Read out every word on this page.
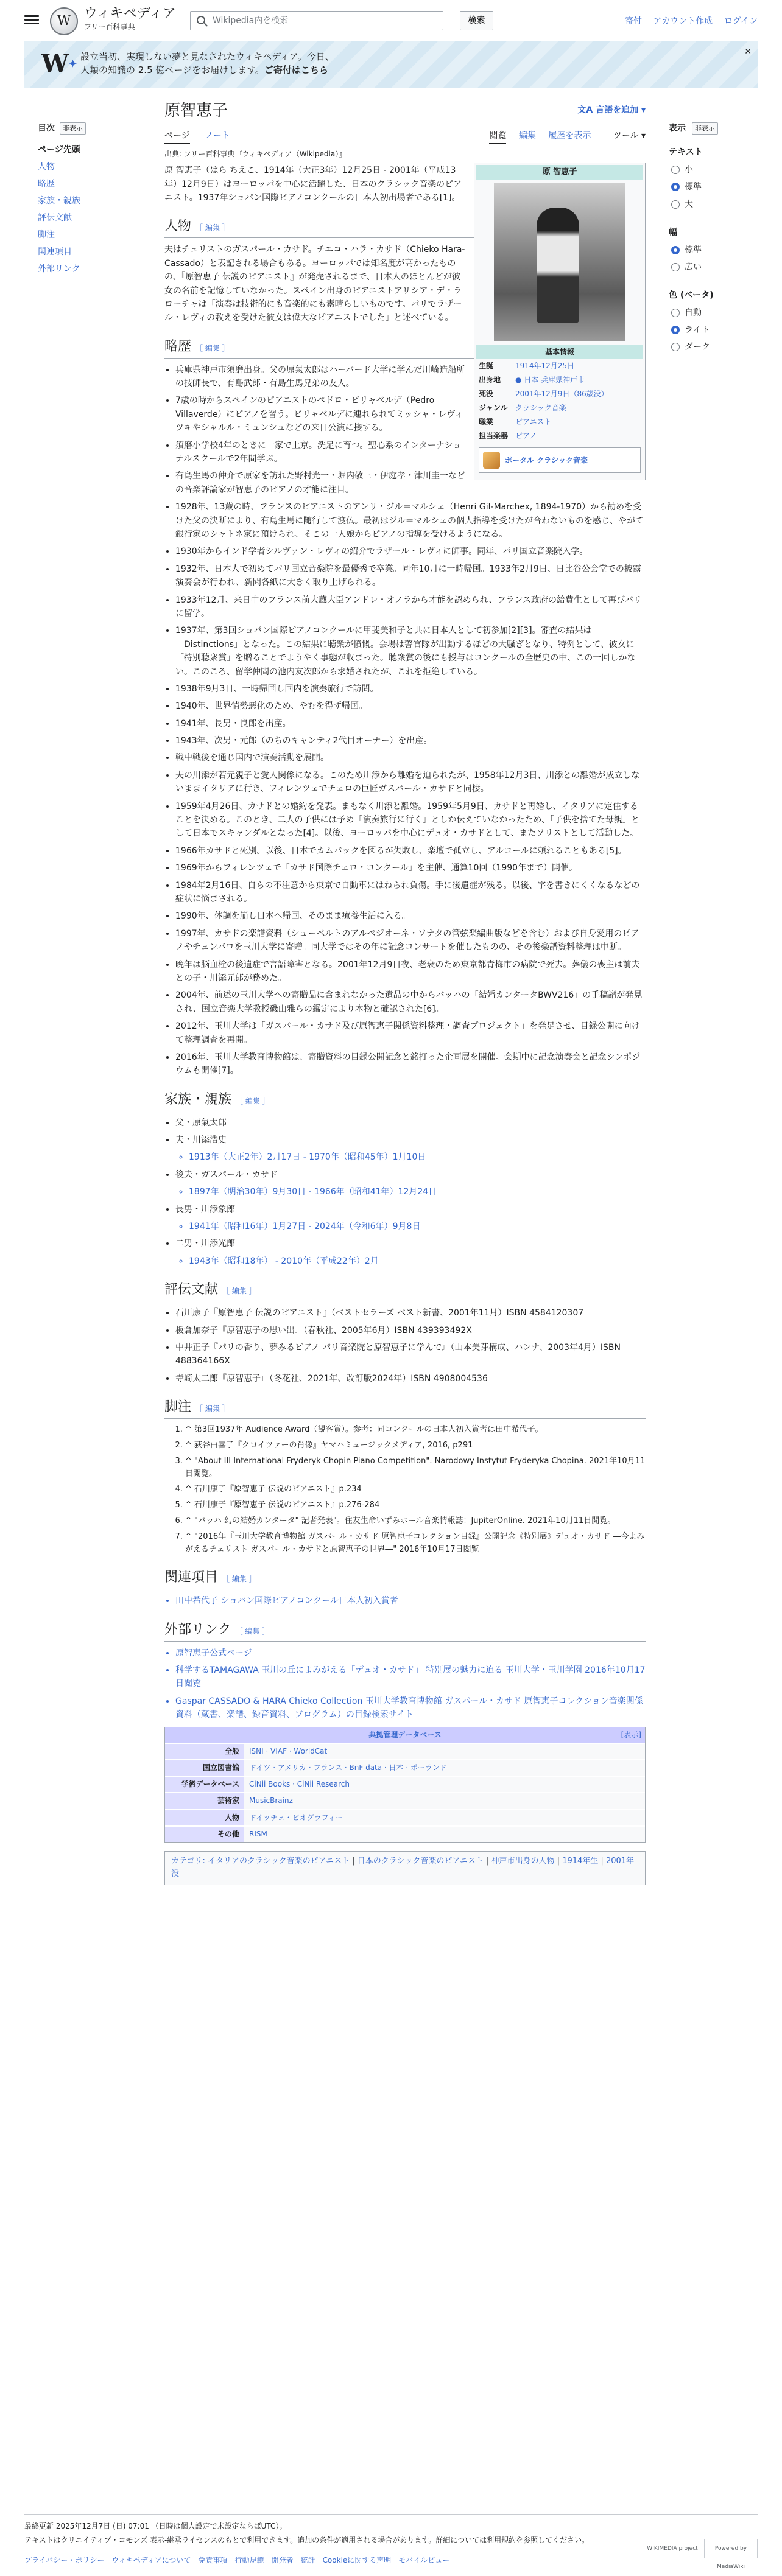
W ウィキペディア
フリー百科事典
Wikipedia内を検索	検索	寄付 アカウント作成 ログイン
W✦
設立当初、実現しない夢と見なされたウィキペディア。今日、
人類の知識の 2.5 億ページをお届けします。ご寄付はこちら
✕
目次	非表示
ページ先頭
人物
略歴
家族・親族
評伝文献
脚注
関連項目
外部リンク
表示	非表示
テキスト
小
標準
大
幅
標準
広い
色 (ベータ)
自動
ライト
ダーク
原智恵子	文A 言語を追加 ▾
ページ ノート	閲覧 編集 履歴を表示	ツール ▾
出典: フリー百科事典『ウィキペディア（Wikipedia）』
原 智恵子
基本情報
生誕	1914年12月25日
出身地	● 日本 兵庫県神戸市
死没	2001年12月9日（86歳没）
ジャンル	クラシック音楽
職業	ピアニスト
担当楽器 ピアノ
ポータル クラシック音楽

原 智恵子（はら ちえこ、1914年（大正3年）12月25日 - 2001年（平成13年）12月9日）はヨーロッパを中心に活躍した、日本のクラシック音楽のピアニスト。1937年ショパン国際ピアノコンクールの日本人初出場者である[1]。

人物 ［ 編集 ］

夫はチェリストのガスパール・カサド。チエコ・ハラ・カサド（Chieko Hara-Cassado）と表記される場合もある。ヨーロッパでは知名度が高かったものの、『原智恵子 伝説のピアニスト』が発売されるまで、日本人のほとんどが彼女の名前を記憶していなかった。スペイン出身のピアニストアリシア・デ・ラローチャは「演奏は技術的にも音楽的にも素晴らしいものです。パリでラザール・レヴィの教えを受けた彼女は偉大なピアニストでした」と述べている。

略歴 ［ 編集 ］
• 兵庫県神戸市須磨出身。父の原氣太郎はハーバード大学に学んだ川崎造船所の技師長で、有島武郎・有島生馬兄弟の友人。
• 7歳の時からスペインのピアニストのペドロ・ビリャベルデ（Pedro Villaverde）にピアノを習う。ビリャベルデに連れられてミッシャ・レヴィツキやシャルル・ミュンシュなどの来日公演に接する。
• 須磨小学校4年のときに一家で上京。洗足に育つ。聖心系のインターナショナルスクールで2年間学ぶ。
• 有島生馬の仲介で原家を訪れた野村光一・堀内敬三・伊庭孝・津川圭一などの音楽評論家が智恵子のピアノの才能に注目。
• 1928年、13歳の時、フランスのピアニストのアンリ・ジル＝マルシェ（Henri Gil-Marchex, 1894-1970）から勧めを受けた父の決断により、有島生馬に随行して渡仏。最初はジル＝マルシェの個人指導を受けたが合わないものを感じ、やがて銀行家のシャトネ家に預けられ、そこの一人娘からピアノの指導を受けるようになる。
• 1930年からインド学者シルヴァン・レヴィの紹介でラザール・レヴィに師事。同年、パリ国立音楽院入学。
• 1932年、日本人で初めてパリ国立音楽院を最優秀で卒業。同年10月に一時帰国。1933年2月9日、日比谷公会堂での披露演奏会が行われ、新聞各紙に大きく取り上げられる。
• 1933年12月、来日中のフランス前大蔵大臣アンドレ・オノラから才能を認められ、フランス政府の給費生として再びパリに留学。
• 1937年、第3回ショパン国際ピアノコンクールに甲斐美和子と共に日本人として初参加[2][3]。審査の結果は「Distinctions」となった。この結果に聴衆が憤慨。会場は警官隊が出動するほどの大騒ぎとなり、特例として、彼女に「特別聴衆賞」を贈ることでようやく事態が収まった。聴衆賞の後にも授与はコンクールの全歴史の中、この一回しかない。このころ、留学仲間の池内友次郎から求婚されたが、これを拒絶している。
• 1938年9月3日、一時帰国し国内を演奏旅行で訪問。
• 1940年、世界情勢悪化のため、やむを得ず帰国。
• 1941年、長男・良郎を出産。
• 1943年、次男・元郎（のちのキャンティ2代目オーナー）を出産。
• 戦中戦後を通じ国内で演奏活動を展開。
• 夫の川添が若元親子と愛人関係になる。このため川添から離婚を迫られたが、1958年12月3日、川添との離婚が成立しないままイタリアに行き、フィレンツェでチェロの巨匠ガスパール・カサドと同棲。
• 1959年4月26日、カサドとの婚約を発表。まもなく川添と離婚。1959年5月9日、カサドと再婚し、イタリアに定住することを決める。このとき、二人の子供には予め「演奏旅行に行く」としか伝えていなかったため、「子供を捨てた母親」として日本でスキャンダルとなった[4]。以後、ヨーロッパを中心にデュオ・カサドとして、またソリストとして活動した。
• 1966年カサドと死別。以後、日本でカムバックを図るが失敗し、楽壇で孤立し、アルコールに頼れることもある[5]。
• 1969年からフィレンツェで「カサド国際チェロ・コンクール」を主催、通算10回（1990年まで）開催。
• 1984年2月16日、自らの不注意から東京で自動車にはねられ負傷。手に後遺症が残る。以後、字を書きにくくなるなどの症状に悩まされる。
• 1990年、体調を崩し日本へ帰国、そのまま療養生活に入る。
• 1997年、カサドの楽譜資料（シューベルトのアルペジオーネ・ソナタの管弦楽編曲版などを含む）および自身愛用のピアノやチェンバロを玉川大学に寄贈。同大学ではその年に記念コンサートを催したものの、その後楽譜資料整理は中断。
• 晩年は脳血栓の後遺症で言語障害となる。2001年12月9日夜、老衰のため東京都青梅市の病院で死去。葬儀の喪主は前夫との子・川添元郎が務めた。
• 2004年、前述の玉川大学への寄贈品に含まれなかった遺品の中からバッハの「結婚カンタータBWV216」の手稿譜が発見され、国立音楽大学教授磯山雅らの鑑定により本物と確認された[6]。
• 2012年、玉川大学は「ガスパール・カサド及び原智恵子関係資料整理・調査プロジェクト」を発足させ、目録公開に向けて整理調査を再開。
• 2016年、玉川大学教育博物館は、寄贈資料の目録公開記念と銘打った企画展を開催。会期中に記念演奏会と記念シンポジウムも開催[7]。
家族・親族 ［ 編集 ］
• 父・原氣太郎
• 夫・川添浩史
◦ 1913年（大正2年）2月17日 - 1970年（昭和45年）1月10日
• 後夫・ガスパール・カサド
◦ 1897年（明治30年）9月30日 - 1966年（昭和41年）12月24日
• 長男・川添象郎
◦ 1941年（昭和16年）1月27日 - 2024年（令和6年）9月8日
• 二男・川添光郎
◦ 1943年（昭和18年） - 2010年（平成22年）2月
評伝文献 ［ 編集 ］
• 石川康子『原智恵子 伝説のピアニスト』（ベストセラーズ ベスト新書、2001年11月）ISBN 4584120307
• 板倉加奈子『原智恵子の思い出』（春秋社、2005年6月）ISBN 439393492X
• 中井正子『パリの香り、夢みるピアノ パリ音楽院と原智恵子に学んで』（山本美芽構成、ハンナ、2003年4月）ISBN 488364166X
• 寺崎太二郎『原智恵子』（冬花社、2021年、改訂版2024年）ISBN 4908004536
脚注 ［ 編集 ］
1. ^ 第3回1937年 Audience Award（観客賞）。参考：同コンクールの日本人初入賞者は田中希代子。
2. ^ 荻谷由喜子『クロイツァーの肖像』ヤマハミュージックメディア, 2016, p291
3. ^ "About III International Fryderyk Chopin Piano Competition". Narodowy Instytut Fryderyka Chopina. 2021年10月11日閲覧。
4. ^ 石川康子『原智恵子 伝説のピアニスト』p.234
5. ^ 石川康子『原智恵子 伝説のピアニスト』p.276-284
6. ^ "バッハ 幻の結婚カンタータ" 記者発表"。住友生命いずみホール音楽情報誌：JupiterOnline. 2021年10月11日閲覧。
7. ^ "2016年『玉川大学教育博物館 ガスパール・カサド 原智恵子コレクション目録』公開記念《特別展》デュオ・カサド ―今よみがえるチェリスト ガスパール・カサドと原智恵子の世界―" 2016年10月17日閲覧
関連項目 ［ 編集 ］
• 田中希代子 ショパン国際ピアノコンクール日本人初入賞者
外部リンク ［ 編集 ］
• 原智恵子公式ページ
• 科学するTAMAGAWA 玉川の丘によみがえる「デュオ・カサド」 特別展の魅力に迫る 玉川大学・玉川学園 2016年10月17日閲覧
• Gaspar CASSADO & HARA Chieko Collection 玉川大学教育博物館 ガスパール・カサド 原智恵子コレクション音楽関係資料（蔵書、楽譜、録音資料、プログラム）の目録検索サイト
典拠管理データベース	[表示]
全般	ISNI · VIAF · WorldCat
国立図書館	ドイツ · アメリカ · フランス · BnF data · 日本 · ポーランド
学術データベース	CiNii Books · CiNii Research
芸術家	MusicBrainz
人物	ドイッチェ・ビオグラフィー
その他	RISM
カテゴリ: イタリアのクラシック音楽のピアニスト | 日本のクラシック音楽のピアニスト | 神戸市出身の人物 | 1914年生 | 2001年没
最終更新 2025年12月7日 (日) 07:01 （日時は個人設定で未設定ならばUTC）。
テキストはクリエイティブ・コモンズ 表示-継承ライセンスのもとで利用できます。追加の条件が適用される場合があります。詳細については利用規約を参照してください。
プライバシー・ポリシー ウィキペディアについて 免責事項 行動規範 開発者 統計 Cookieに関する声明 モバイルビュー
WIKIMEDIA project	Powered by MediaWiki
